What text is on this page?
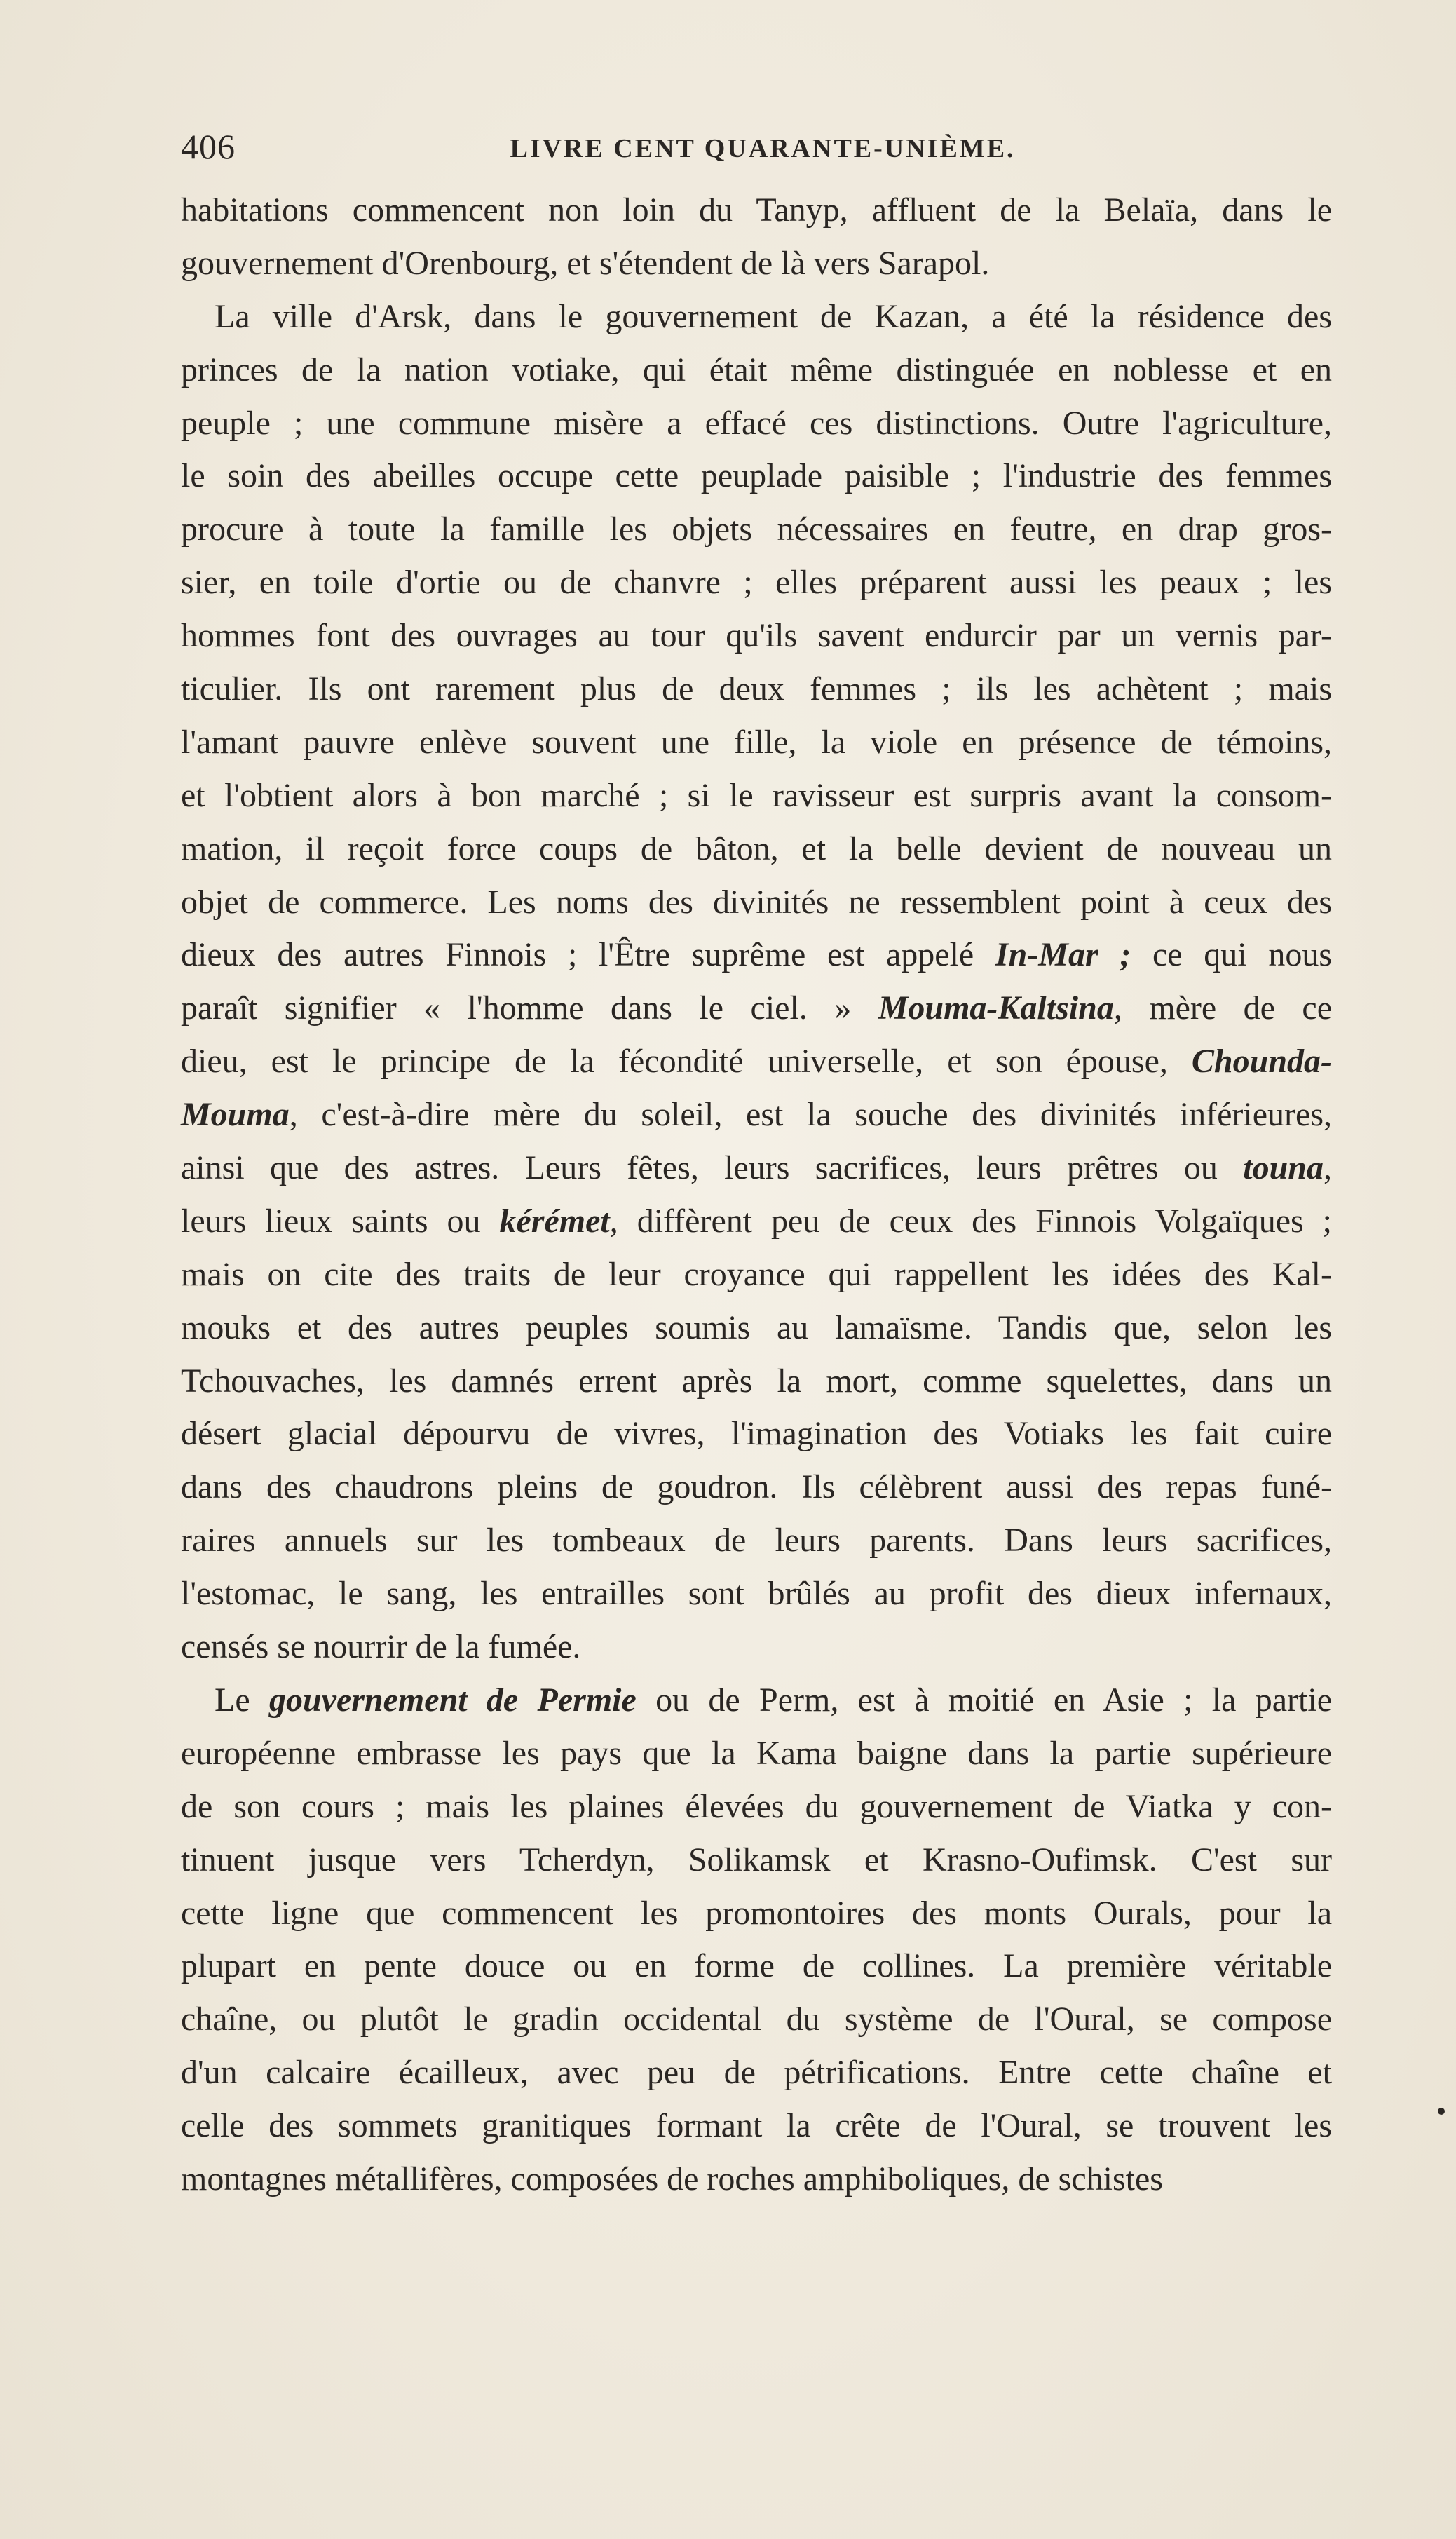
406	LIVRE CENT QUARANTE-UNIÈME.
habitations commencent non loin du Tanyp, affluent de la Belaïa, dans le
gouvernement d'Orenbourg, et s'étendent de là vers Sarapol.
La ville d'Arsk, dans le gouvernement de Kazan, a été la résidence des
princes de la nation votiake, qui était même distinguée en noblesse et en
peuple ; une commune misère a effacé ces distinctions. Outre l'agriculture,
le soin des abeilles occupe cette peuplade paisible ; l'industrie des femmes
procure à toute la famille les objets nécessaires en feutre, en drap gros-
sier, en toile d'ortie ou de chanvre ; elles préparent aussi les peaux ; les
hommes font des ouvrages au tour qu'ils savent endurcir par un vernis par-
ticulier. Ils ont rarement plus de deux femmes ; ils les achètent ; mais
l'amant pauvre enlève souvent une fille, la viole en présence de témoins,
et l'obtient alors à bon marché ; si le ravisseur est surpris avant la consom-
mation, il reçoit force coups de bâton, et la belle devient de nouveau un
objet de commerce. Les noms des divinités ne ressemblent point à ceux des
dieux des autres Finnois ; l'Être suprême est appelé In-Mar ; ce qui nous
paraît signifier « l'homme dans le ciel. » Mouma-Kaltsina, mère de ce
dieu, est le principe de la fécondité universelle, et son épouse, Chounda-
Mouma, c'est-à-dire mère du soleil, est la souche des divinités inférieures,
ainsi que des astres. Leurs fêtes, leurs sacrifices, leurs prêtres ou touna,
leurs lieux saints ou kérémet, diffèrent peu de ceux des Finnois Volgaïques ;
mais on cite des traits de leur croyance qui rappellent les idées des Kal-
mouks et des autres peuples soumis au lamaïsme. Tandis que, selon les
Tchouvaches, les damnés errent après la mort, comme squelettes, dans un
désert glacial dépourvu de vivres, l'imagination des Votiaks les fait cuire
dans des chaudrons pleins de goudron. Ils célèbrent aussi des repas funé-
raires annuels sur les tombeaux de leurs parents. Dans leurs sacrifices,
l'estomac, le sang, les entrailles sont brûlés au profit des dieux infernaux,
censés se nourrir de la fumée.
Le gouvernement de Permie ou de Perm, est à moitié en Asie ; la partie
européenne embrasse les pays que la Kama baigne dans la partie supérieure
de son cours ; mais les plaines élevées du gouvernement de Viatka y con-
tinuent jusque vers Tcherdyn, Solikamsk et Krasno-Oufimsk. C'est sur
cette ligne que commencent les promontoires des monts Ourals, pour la
plupart en pente douce ou en forme de collines. La première véritable
chaîne, ou plutôt le gradin occidental du système de l'Oural, se compose
d'un calcaire écailleux, avec peu de pétrifications. Entre cette chaîne et
celle des sommets granitiques formant la crête de l'Oural, se trouvent les
montagnes métallifères, composées de roches amphiboliques, de schistes
